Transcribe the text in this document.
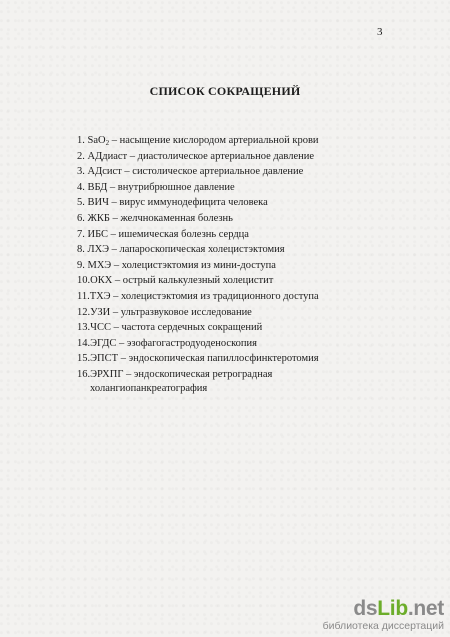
3
СПИСОК СОКРАЩЕНИЙ
1. SaO$_2$ – насыщение кислородом артериальной крови
2. АДдиаст – диастолическое артериальное давление
3. АДсист – систолическое артериальное давление
4. ВБД – внутрибрюшное давление
5. ВИЧ – вирус иммунодефицита человека
6. ЖКБ – желчнокаменная болезнь
7. ИБС – ишемическая болезнь сердца
8. ЛХЭ – лапароскопическая холецистэктомия
9. МХЭ – холецистэктомия из мини-доступа
10.ОКХ – острый калькулезный холецистит
11.ТХЭ – холецистэктомия из традиционного доступа
12.УЗИ – ультразвуковое исследование
13.ЧСС – частота сердечных сокращений
14.ЭГДС – эзофагогастродуоденоскопия
15.ЭПСТ – эндоскопическая папиллосфинктеротомия
16.ЭРХПГ – эндоскопическая ретроградная
холангиопанкреатография
dsLib.net
библиотека диссертаций
